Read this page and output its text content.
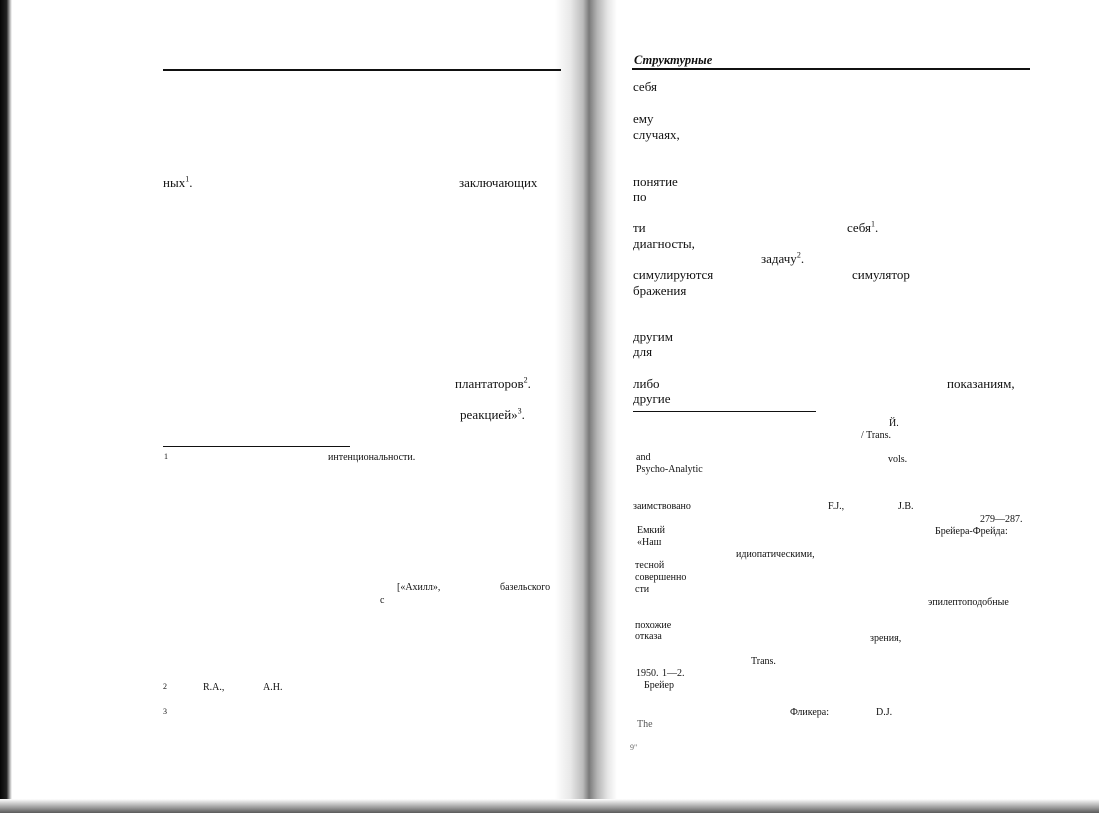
ных$^1$.	заключающих
плантаторов$^2$.
реакцией»$^3$.
1	интенциональности.
[«Ахилл»,	базельского
с
2	R.A.,	A.H.
3
Структурные
себя
ему
случаях,
понятие
по
ти	себя$^1$.
диагносты,
задачу$^2$.
симулируются	симулятор
бражения
другим
для
либо	показаниям,
другие
Й.
/ Trans.
and	vols.
Psycho-Analytic
заимствовано	F.J.,	J.B.
279—287.
Емкий	Брейера-Фрейда:
«Наш
идиопатическими,
тесной
совершенно
сти
эпилептоподобные
похожие
отказа	зрения,
Trans.
1950. 1—2.
Брейер
Фликера:	D.J.
The
9"
